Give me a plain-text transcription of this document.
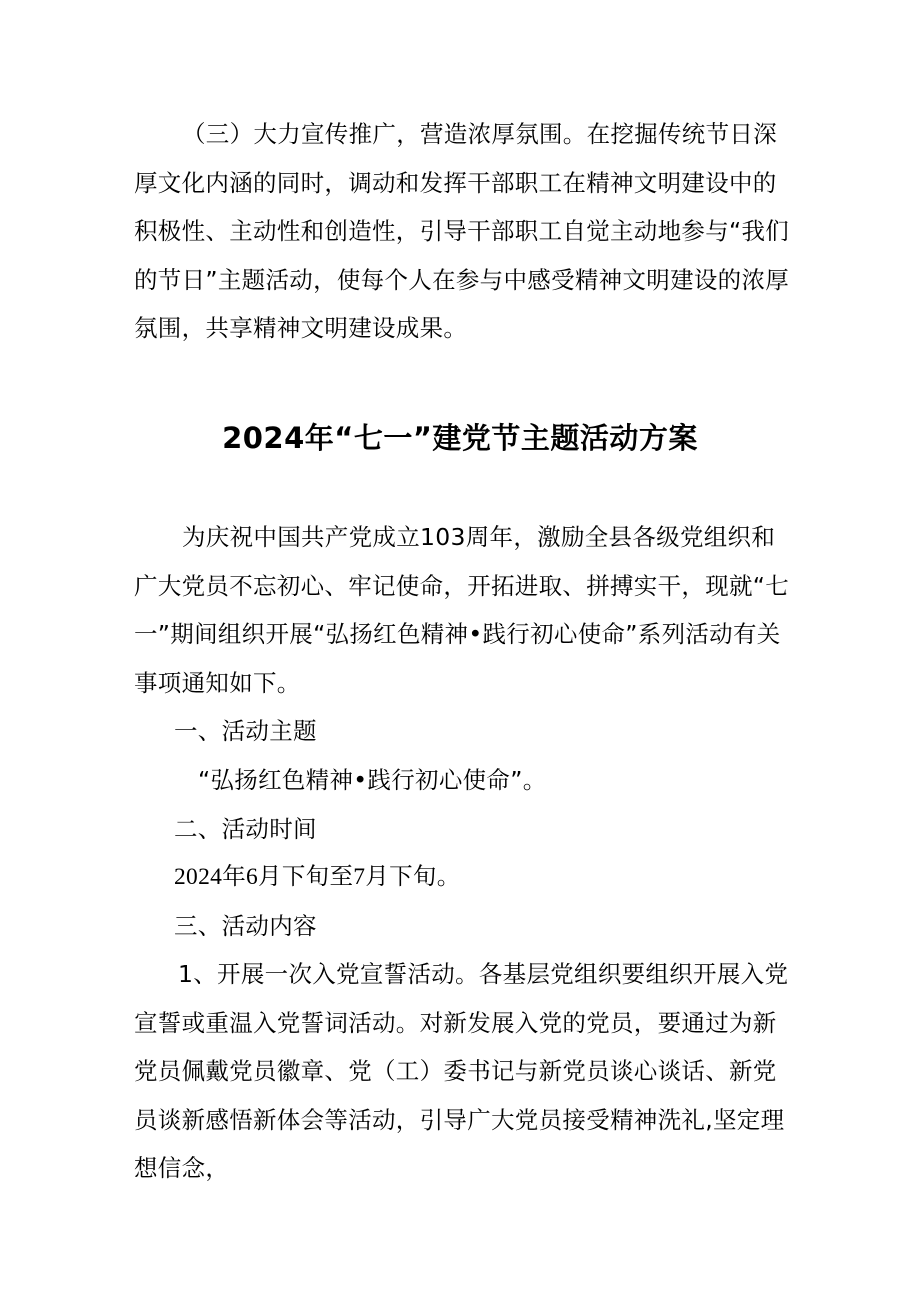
（三）大力宣传推广，营造浓厚氛围。在挖掘传统节日深厚文化内涵的同时，调动和发挥干部职工在精神文明建设中的积极性、主动性和创造性，引导干部职工自觉主动地参与“我们的节日”主题活动，使每个人在参与中感受精神文明建设的浓厚氛围，共享精神文明建设成果。

2024年“七一”建党节主题活动方案

为庆祝中国共产党成立103周年，激励全县各级党组织和广大党员不忘初心、牢记使命，开拓进取、拼搏实干，现就“七一”期间组织开展“弘扬红色精神•践行初心使命”系列活动有关事项通知如下。

一、活动主题

“弘扬红色精神•践行初心使命”。

二、活动时间

2024年6月下旬至7月下旬。

三、活动内容

1、开展一次入党宣誓活动。各基层党组织要组织开展入党宣誓或重温入党誓词活动。对新发展入党的党员，要通过为新党员佩戴党员徽章、党（工）委书记与新党员谈心谈话、新党员谈新感悟新体会等活动，引导广大党员接受精神洗礼,坚定理想信念，
